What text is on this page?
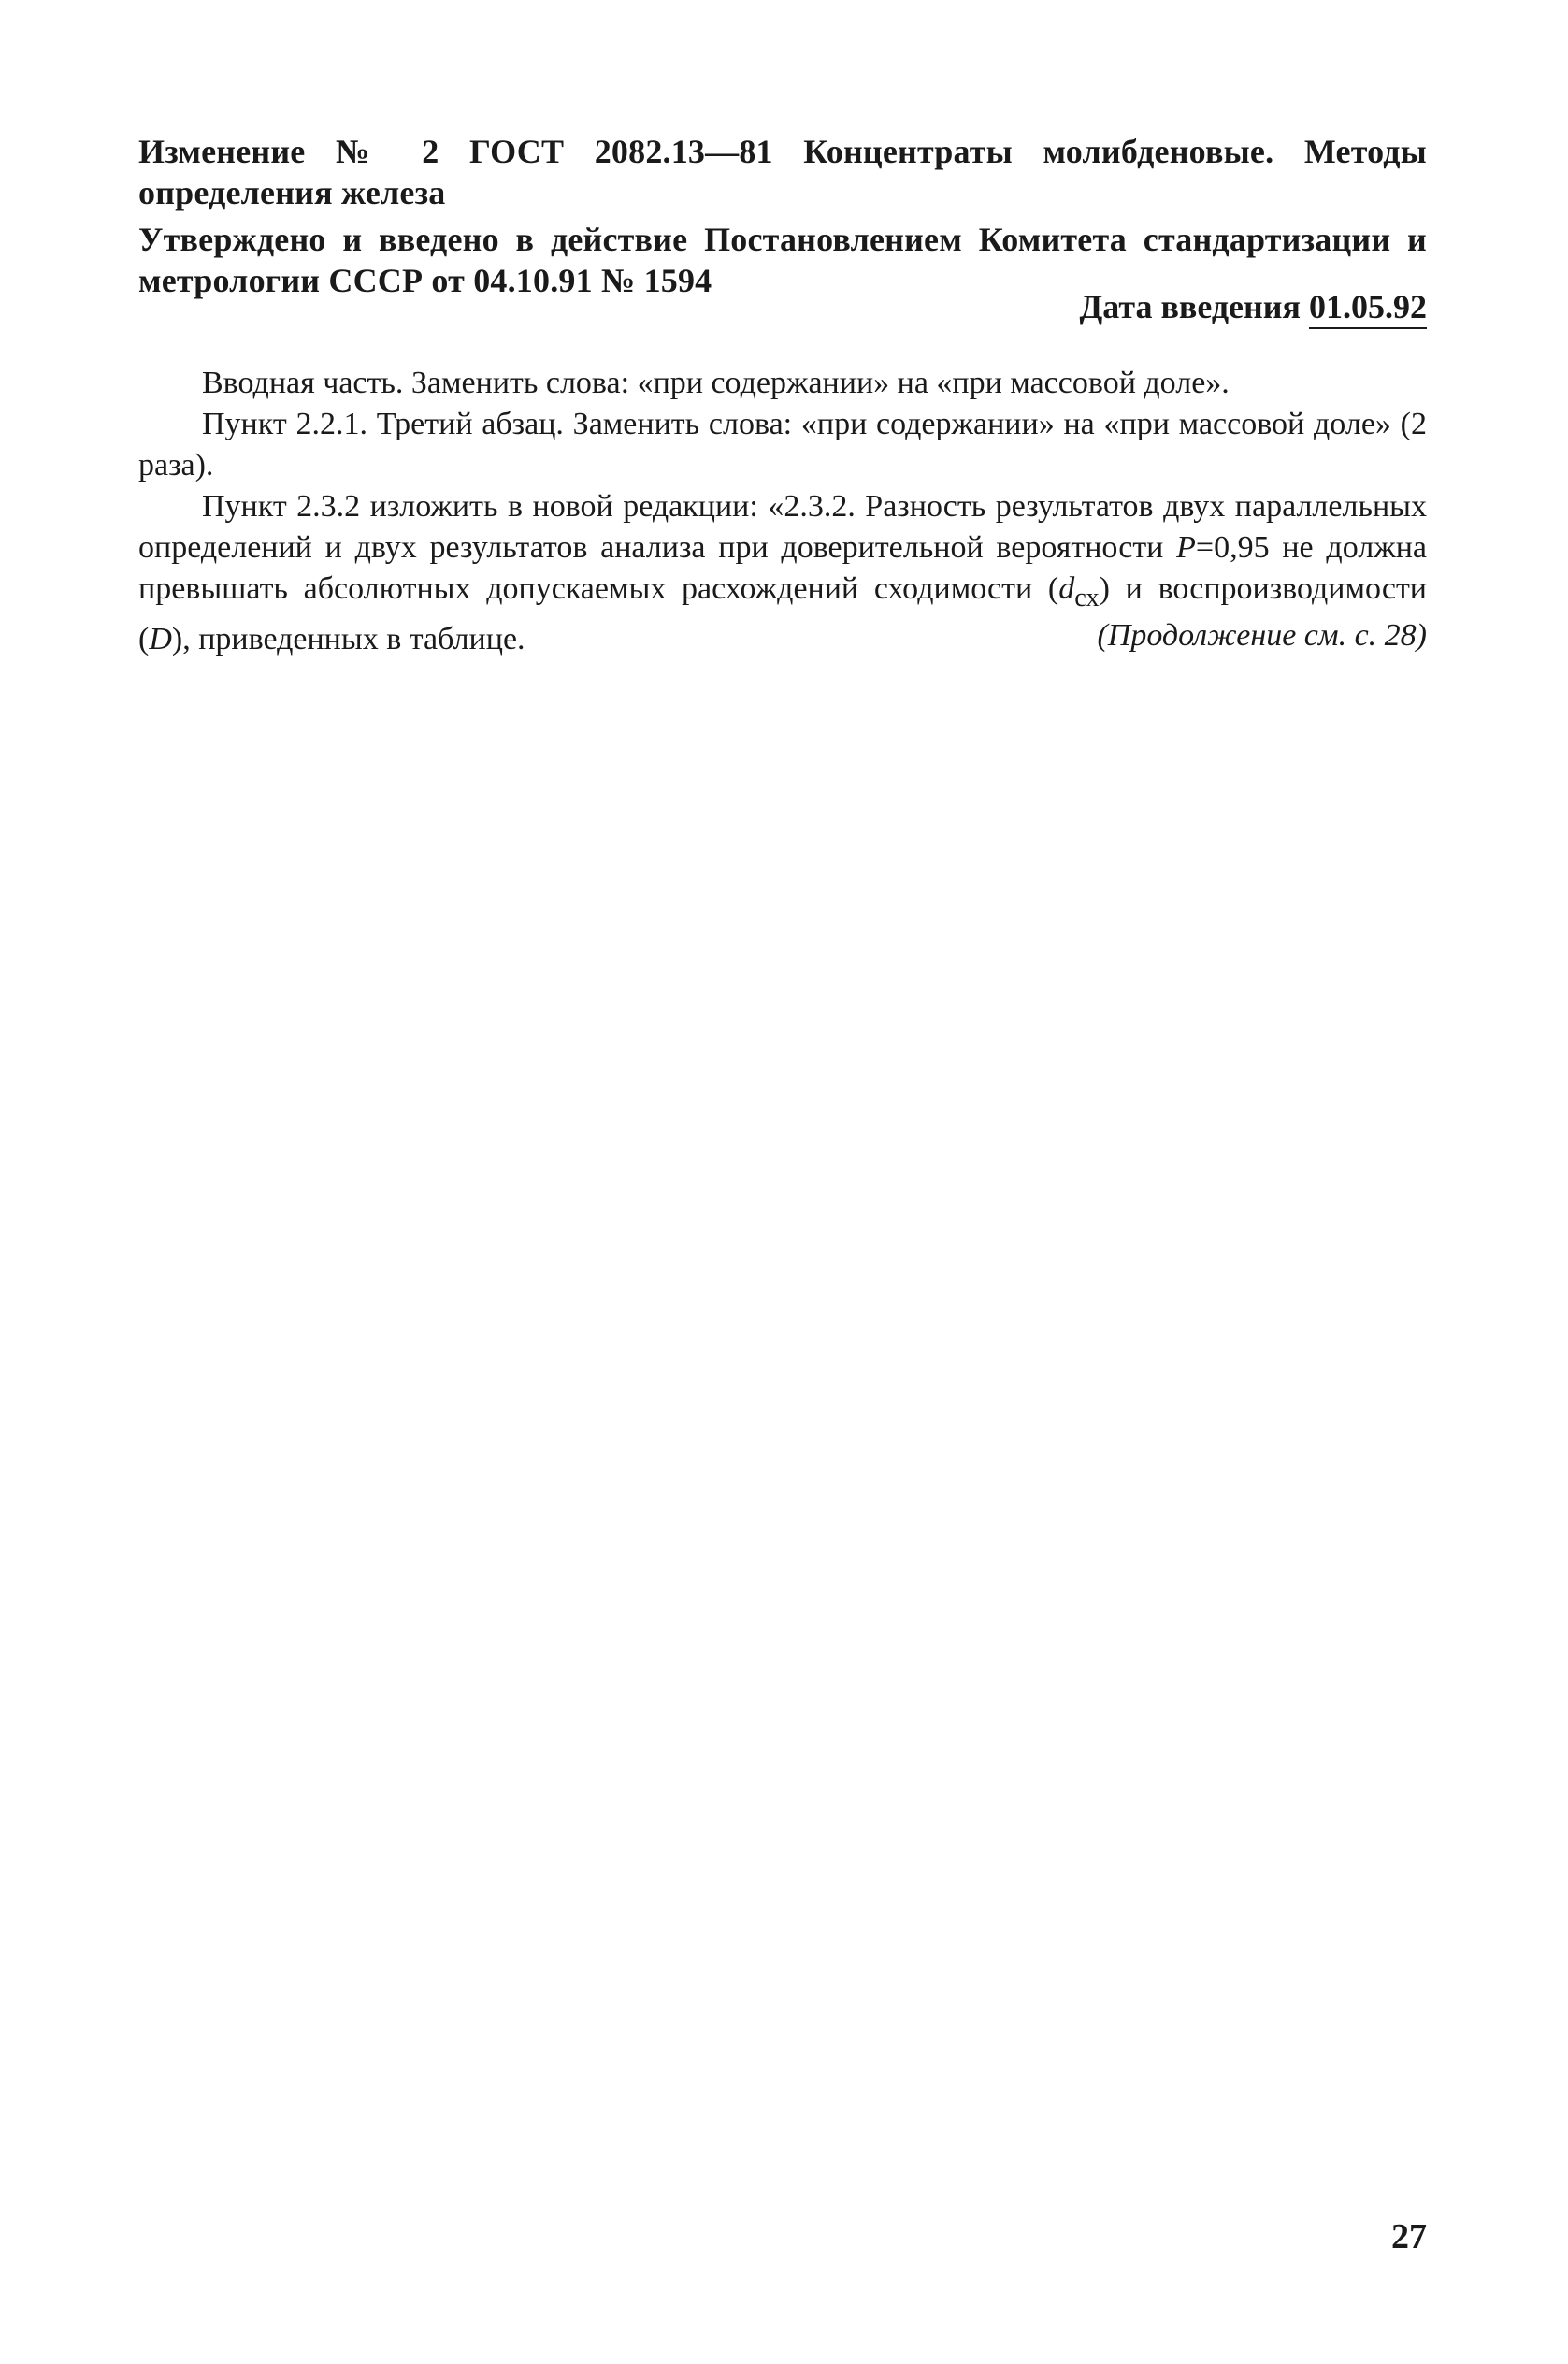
Изменение № 2 ГОСТ 2082.13—81 Концентраты молибденовые. Методы определения железа
Утверждено и введено в действие Постановлением Комитета стандартизации и метрологии СССР от 04.10.91 № 1594
Дата введения 01.05.92

Вводная часть. Заменить слова: «при содержании» на «при массовой доле».

Пункт 2.2.1. Третий абзац. Заменить слова: «при содержании» на «при массовой доле» (2 раза).

Пункт 2.3.2 изложить в новой редакции: «2.3.2. Разность результатов двух параллельных определений и двух результатов анализа при доверительной вероятности P=0,95 не должна превышать абсолютных допускаемых расхождений сходимости $(d_{сх})$ и воспроизводимости (D), приведенных в таблице.	(Продолжение см. с. 28)
27
